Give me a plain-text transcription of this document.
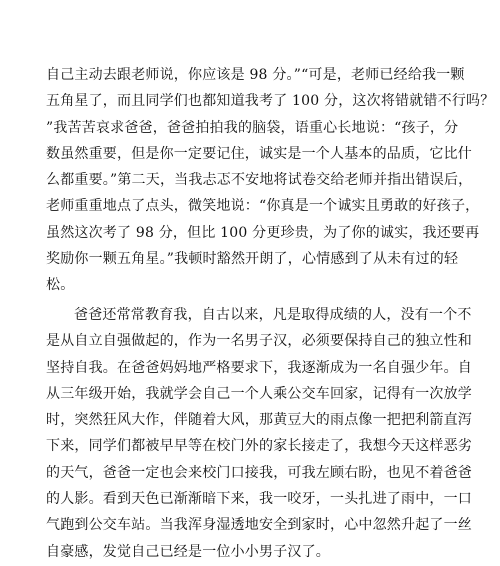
自己主动去跟老师说，你应该是 98 分。”“可是，老师已经给我一颗
五角星了，而且同学们也都知道我考了 100 分，这次将错就错不行吗？
”我苦苦哀求爸爸，爸爸拍拍我的脑袋，语重心长地说：“孩子，分
数虽然重要，但是你一定要记住，诚实是一个人基本的品质，它比什
么都重要。”第二天，当我忐忑不安地将试卷交给老师并指出错误后，
老师重重地点了点头，微笑地说：“你真是一个诚实且勇敢的好孩子，
虽然这次考了 98 分，但比 100 分更珍贵，为了你的诚实，我还要再
奖励你一颗五角星。”我顿时豁然开朗了，心情感到了从未有过的轻
松。
爸爸还常常教育我，自古以来，凡是取得成绩的人，没有一个不
是从自立自强做起的，作为一名男子汉，必须要保持自己的独立性和
坚持自我。在爸爸妈妈地严格要求下，我逐渐成为一名自强少年。自
从三年级开始，我就学会自己一个人乘公交车回家，记得有一次放学
时，突然狂风大作，伴随着大风，那黄豆大的雨点像一把把利箭直泻
下来，同学们都被早早等在校门外的家长接走了，我想今天这样恶劣
的天气，爸爸一定也会来校门口接我，可我左顾右盼，也见不着爸爸
的人影。看到天色已渐渐暗下来，我一咬牙，一头扎进了雨中，一口
气跑到公交车站。当我浑身湿透地安全到家时，心中忽然升起了一丝
自豪感，发觉自己已经是一位小小男子汉了。
